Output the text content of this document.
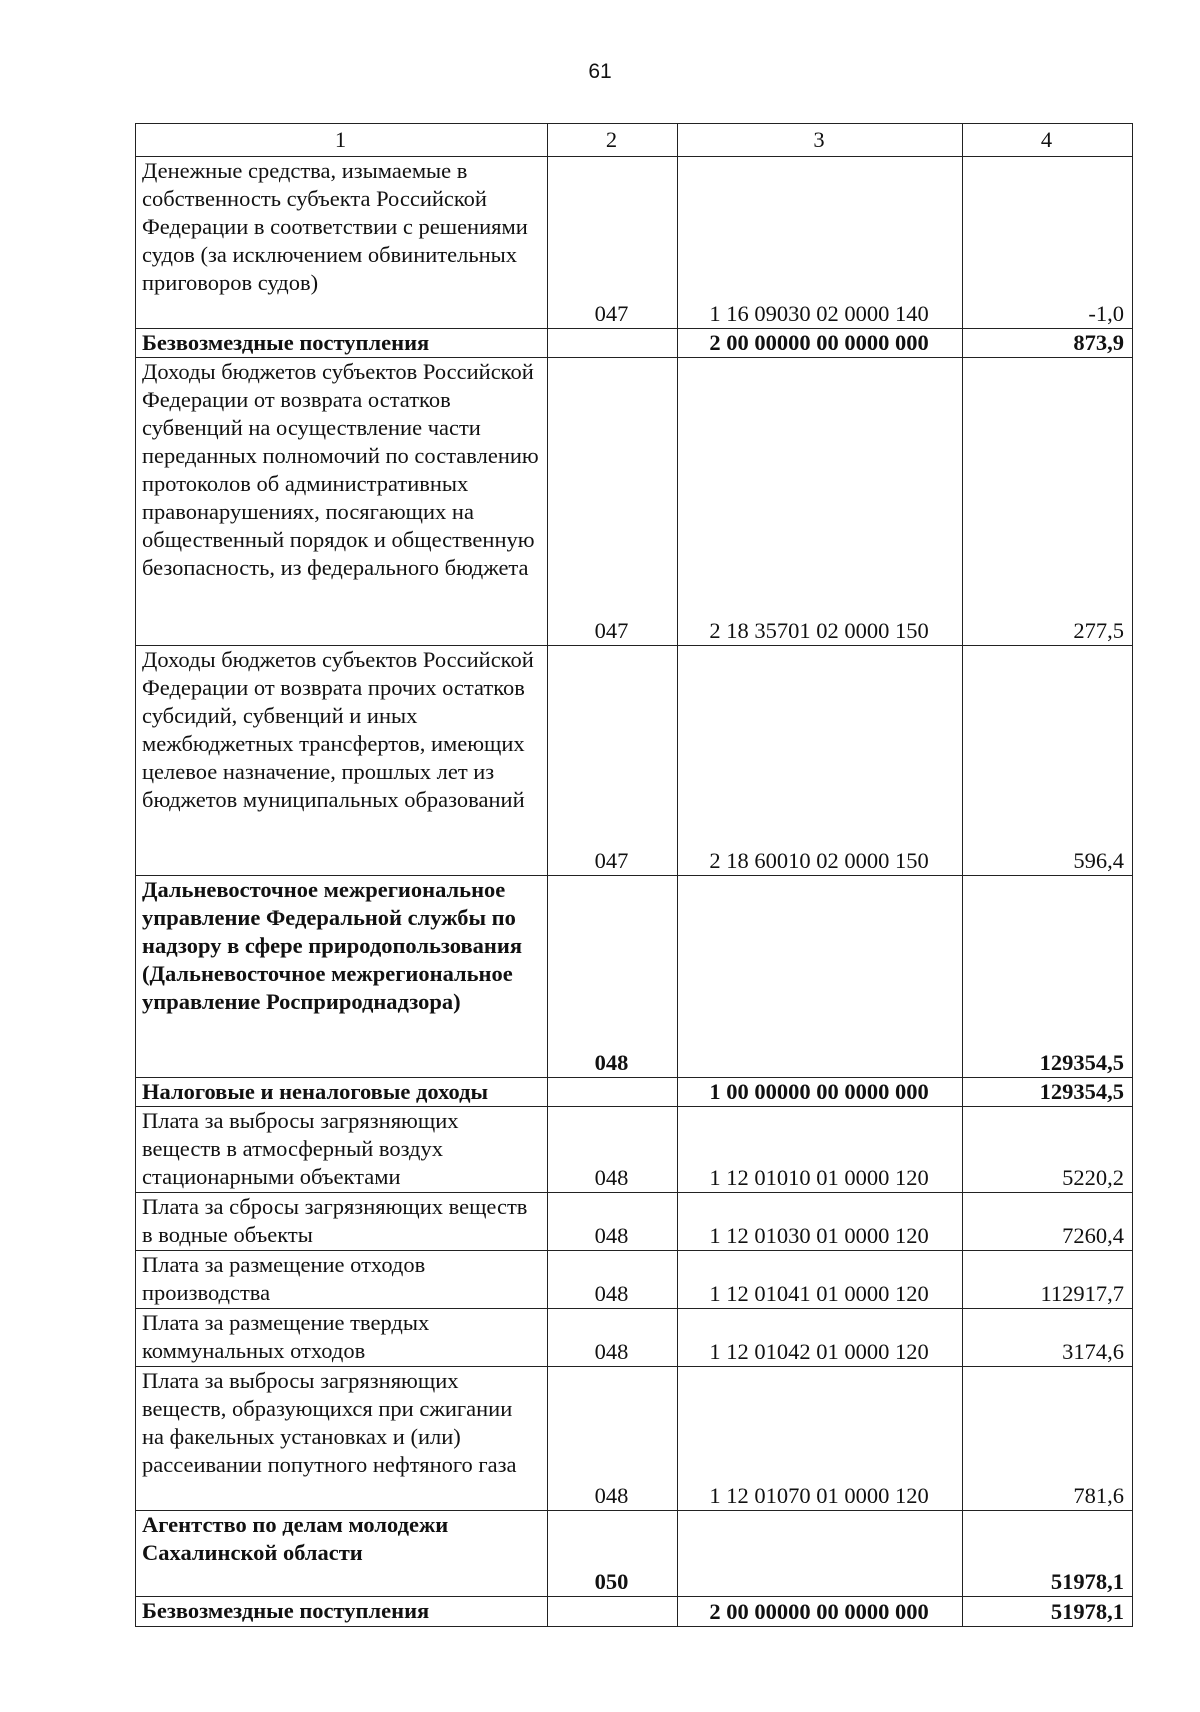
61
1	2	3	4
Денежные средства, изымаемые в собственность субъекта Российской Федерации в соответствии с решениями судов (за исключением обвинительных приговоров судов)	047	1 16 09030 02 0000 140	-1,0
Безвозмездные поступления		2 00 00000 00 0000 000	873,9
Доходы бюджетов субъектов Российской Федерации от возврата остатков субвенций на осуществление части переданных полномочий по составлению протоколов об административных правонарушениях, посягающих на общественный порядок и общественную безопасность, из федерального бюджета	047	2 18 35701 02 0000 150	277,5
Доходы бюджетов субъектов Российской Федерации от возврата прочих остатков субсидий, субвенций и иных межбюджетных трансфертов, имеющих целевое назначение, прошлых лет из бюджетов муниципальных образований	047	2 18 60010 02 0000 150	596,4
Дальневосточное межрегиональное управление Федеральной службы по надзору в сфере природопользования (Дальневосточное межрегиональное управление Росприроднадзора)	048		129354,5
Налоговые и неналоговые доходы		1 00 00000 00 0000 000	129354,5
Плата за выбросы загрязняющих веществ в атмосферный воздух стационарными объектами	048	1 12 01010 01 0000 120	5220,2
Плата за сбросы загрязняющих веществ в водные объекты	048	1 12 01030 01 0000 120	7260,4
Плата за размещение отходов производства	048	1 12 01041 01 0000 120	112917,7
Плата за размещение твердых коммунальных отходов	048	1 12 01042 01 0000 120	3174,6
Плата за выбросы загрязняющих веществ, образующихся при сжигании на факельных установках и (или) рассеивании попутного нефтяного газа	048	1 12 01070 01 0000 120	781,6
Агентство по делам молодежи Сахалинской области	050		51978,1
Безвозмездные поступления		2 00 00000 00 0000 000	51978,1
